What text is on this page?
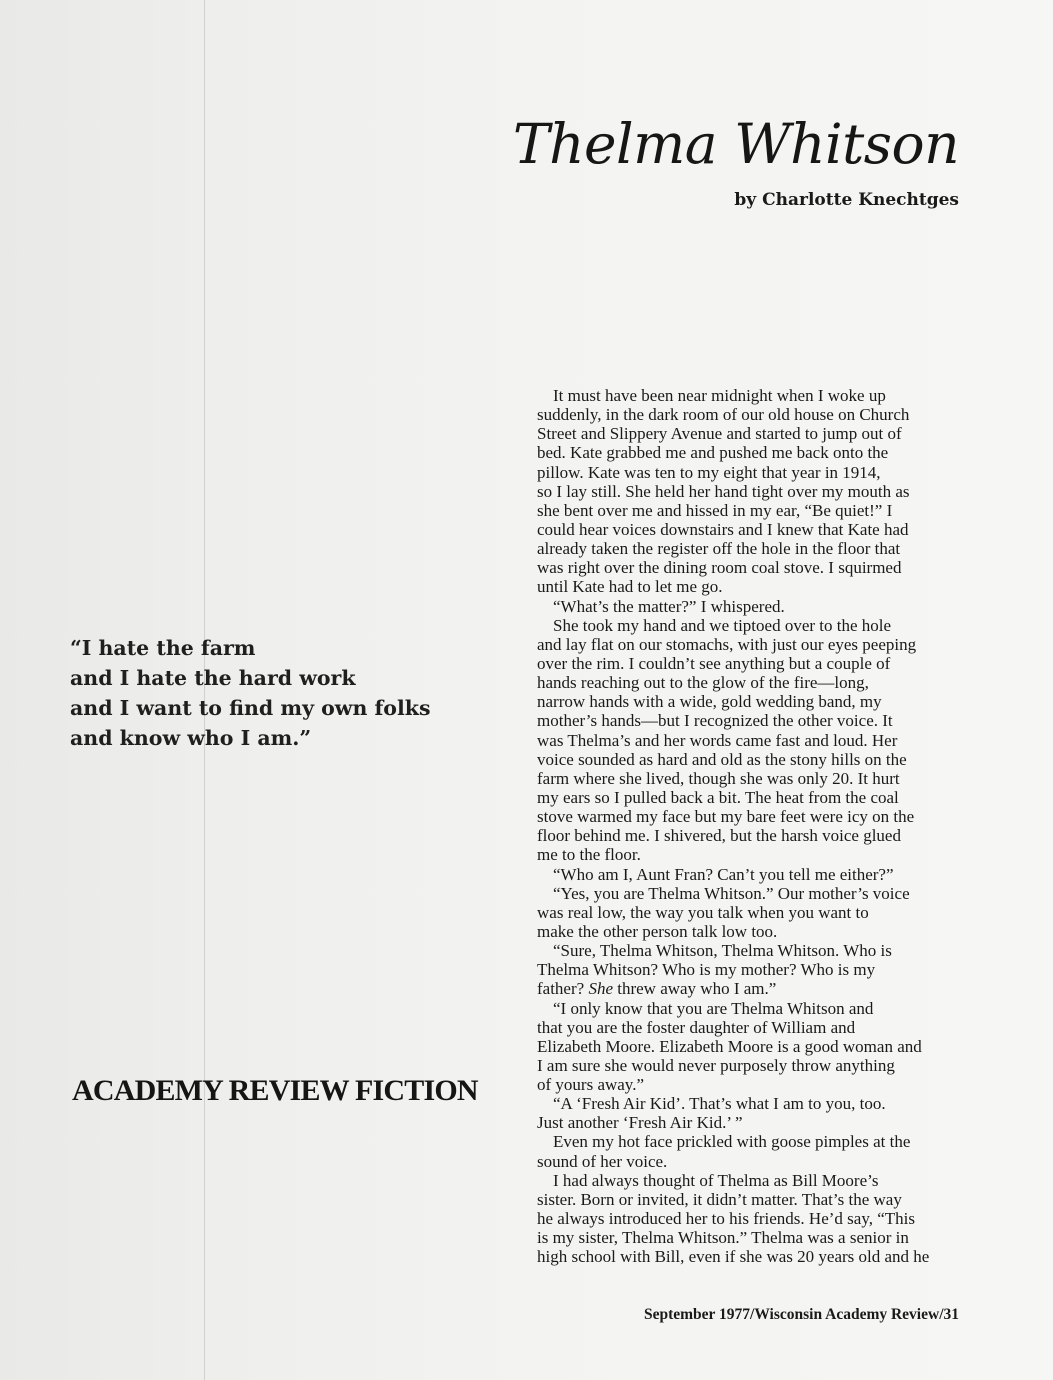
Thelma Whitson

by Charlotte Knechtges

“I hate the farm
and I hate the hard work
and I want to find my own folks
and know who I am.”

ACADEMY REVIEW FICTION

It must have been near midnight when I woke up
suddenly, in the dark room of our old house on Church
Street and Slippery Avenue and started to jump out of
bed. Kate grabbed me and pushed me back onto the
pillow. Kate was ten to my eight that year in 1914,
so I lay still. She held her hand tight over my mouth as
she bent over me and hissed in my ear, “Be quiet!” I
could hear voices downstairs and I knew that Kate had
already taken the register off the hole in the floor that
was right over the dining room coal stove. I squirmed
until Kate had to let me go.
“What’s the matter?” I whispered.
She took my hand and we tiptoed over to the hole
and lay flat on our stomachs, with just our eyes peeping
over the rim. I couldn’t see anything but a couple of
hands reaching out to the glow of the fire—long,
narrow hands with a wide, gold wedding band, my
mother’s hands—but I recognized the other voice. It
was Thelma’s and her words came fast and loud. Her
voice sounded as hard and old as the stony hills on the
farm where she lived, though she was only 20. It hurt
my ears so I pulled back a bit. The heat from the coal
stove warmed my face but my bare feet were icy on the
floor behind me. I shivered, but the harsh voice glued
me to the floor.
“Who am I, Aunt Fran? Can’t you tell me either?”
“Yes, you are Thelma Whitson.” Our mother’s voice
was real low, the way you talk when you want to
make the other person talk low too.
“Sure, Thelma Whitson, Thelma Whitson. Who is
Thelma Whitson? Who is my mother? Who is my
father? She threw away who I am.”
“I only know that you are Thelma Whitson and
that you are the foster daughter of William and
Elizabeth Moore. Elizabeth Moore is a good woman and
I am sure she would never purposely throw anything
of yours away.”
“A ‘Fresh Air Kid’. That’s what I am to you, too.
Just another ‘Fresh Air Kid.’ ”
Even my hot face prickled with goose pimples at the
sound of her voice.
I had always thought of Thelma as Bill Moore’s
sister. Born or invited, it didn’t matter. That’s the way
he always introduced her to his friends. He’d say, “This
is my sister, Thelma Whitson.” Thelma was a senior in
high school with Bill, even if she was 20 years old and he
September 1977/Wisconsin Academy Review/31
